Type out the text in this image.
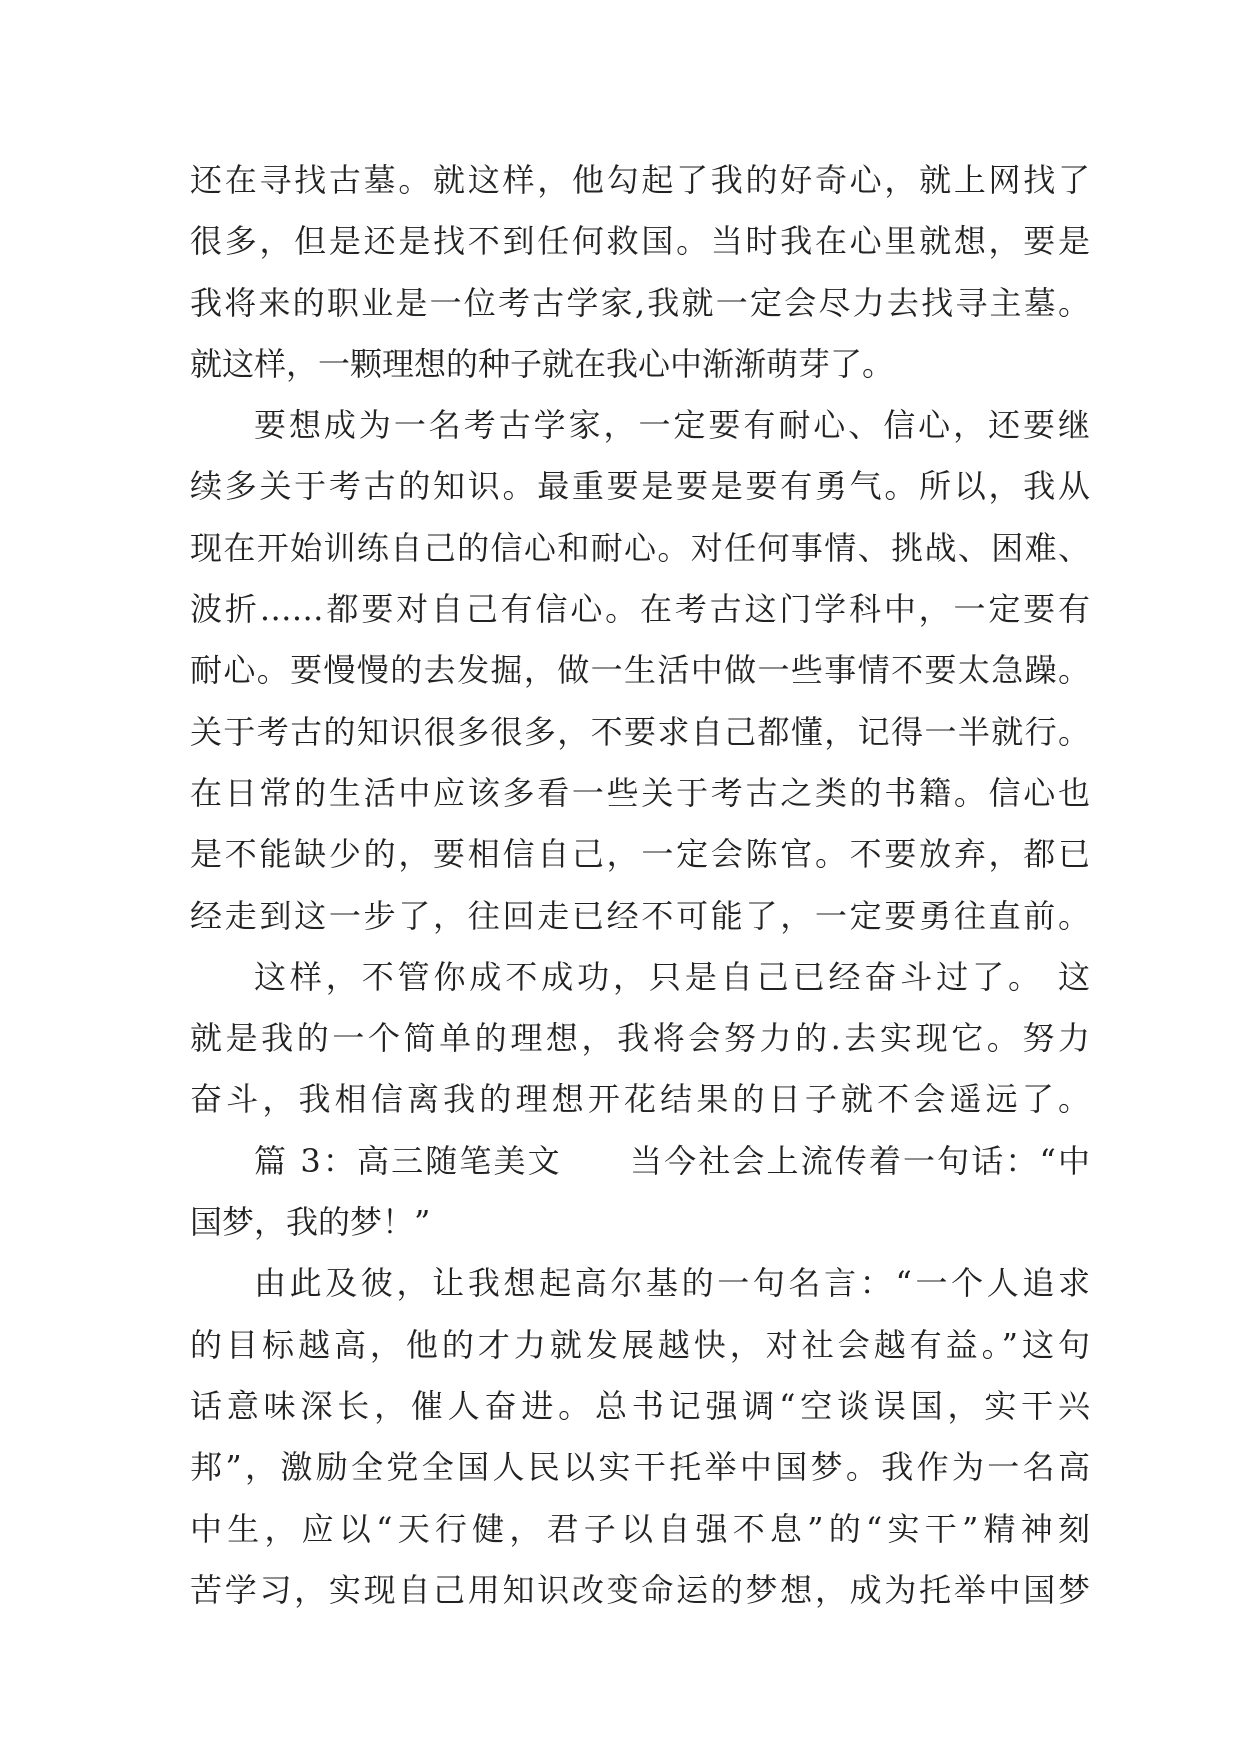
还在寻找古墓。就这样，他勾起了我的好奇心，就上网找了
很多，但是还是找不到任何救国。当时我在心里就想，要是
我将来的职业是一位考古学家,我就一定会尽力去找寻主墓。
就这样，一颗理想的种子就在我心中渐渐萌芽了。
要想成为一名考古学家，一定要有耐心、信心，还要继
续多关于考古的知识。最重要是要是要有勇气。所以，我从
现在开始训练自己的信心和耐心。对任何事情、挑战、困难、
波折……都要对自己有信心。在考古这门学科中，一定要有
耐心。要慢慢的去发掘，做一生活中做一些事情不要太急躁。
关于考古的知识很多很多，不要求自己都懂，记得一半就行。
在日常的生活中应该多看一些关于考古之类的书籍。信心也
是不能缺少的，要相信自己，一定会陈官。不要放弃，都已
经走到这一步了，往回走已经不可能了，一定要勇往直前。
这样，不管你成不成功，只是自己已经奋斗过了。 这
就是我的一个简单的理想，我将会努力的.去实现它。努力
奋斗，我相信离我的理想开花结果的日子就不会遥远了。
篇 3：高三随笔美文　　当今社会上流传着一句话：“中
国梦，我的梦！”
由此及彼，让我想起高尔基的一句名言：“一个人追求
的目标越高，他的才力就发展越快，对社会越有益。”这句
话意味深长，催人奋进。总书记强调“空谈误国，实干兴
邦”，激励全党全国人民以实干托举中国梦。我作为一名高
中生，应以“天行健，君子以自强不息”的“实干”精神刻
苦学习，实现自己用知识改变命运的梦想，成为托举中国梦
